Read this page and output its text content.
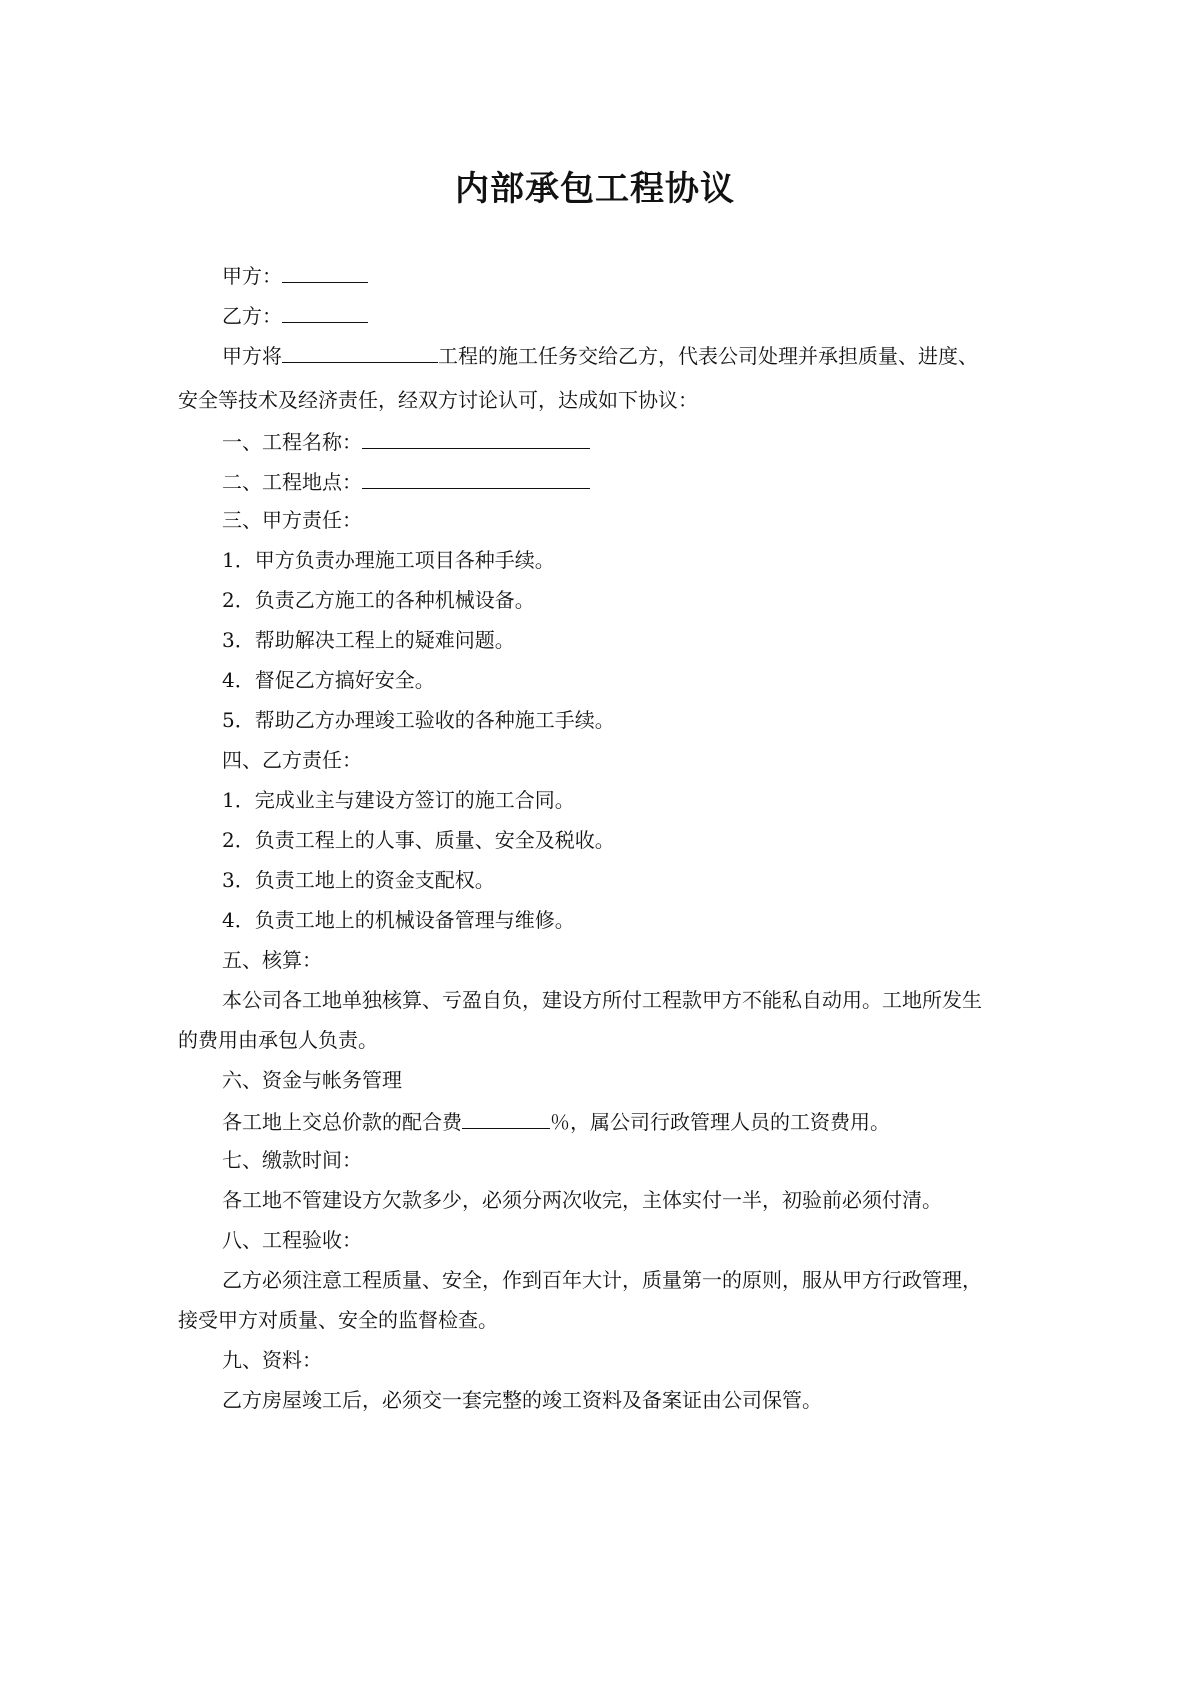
内部承包工程协议
甲方：
乙方：
甲方将	工程的施工任务交给乙方，代表公司处理并承担质量、进度、
安全等技术及经济责任，经双方讨论认可，达成如下协议：
一、工程名称：
二、工程地点：
三、甲方责任：
1．甲方负责办理施工项目各种手续。
2．负责乙方施工的各种机械设备。
3．帮助解决工程上的疑难问题。
4．督促乙方搞好安全。
5．帮助乙方办理竣工验收的各种施工手续。
四、乙方责任：
1．完成业主与建设方签订的施工合同。
2．负责工程上的人事、质量、安全及税收。
3．负责工地上的资金支配权。
4．负责工地上的机械设备管理与维修。
五、核算：
本公司各工地单独核算、亏盈自负，建设方所付工程款甲方不能私自动用。工地所发生
的费用由承包人负责。
六、资金与帐务管理
各工地上交总价款的配合费	％，属公司行政管理人员的工资费用。
七、缴款时间：
各工地不管建设方欠款多少，必须分两次收完，主体实付一半，初验前必须付清。
八、工程验收：
乙方必须注意工程质量、安全，作到百年大计，质量第一的原则，服从甲方行政管理，
接受甲方对质量、安全的监督检查。
九、资料：
乙方房屋竣工后，必须交一套完整的竣工资料及备案证由公司保管。
